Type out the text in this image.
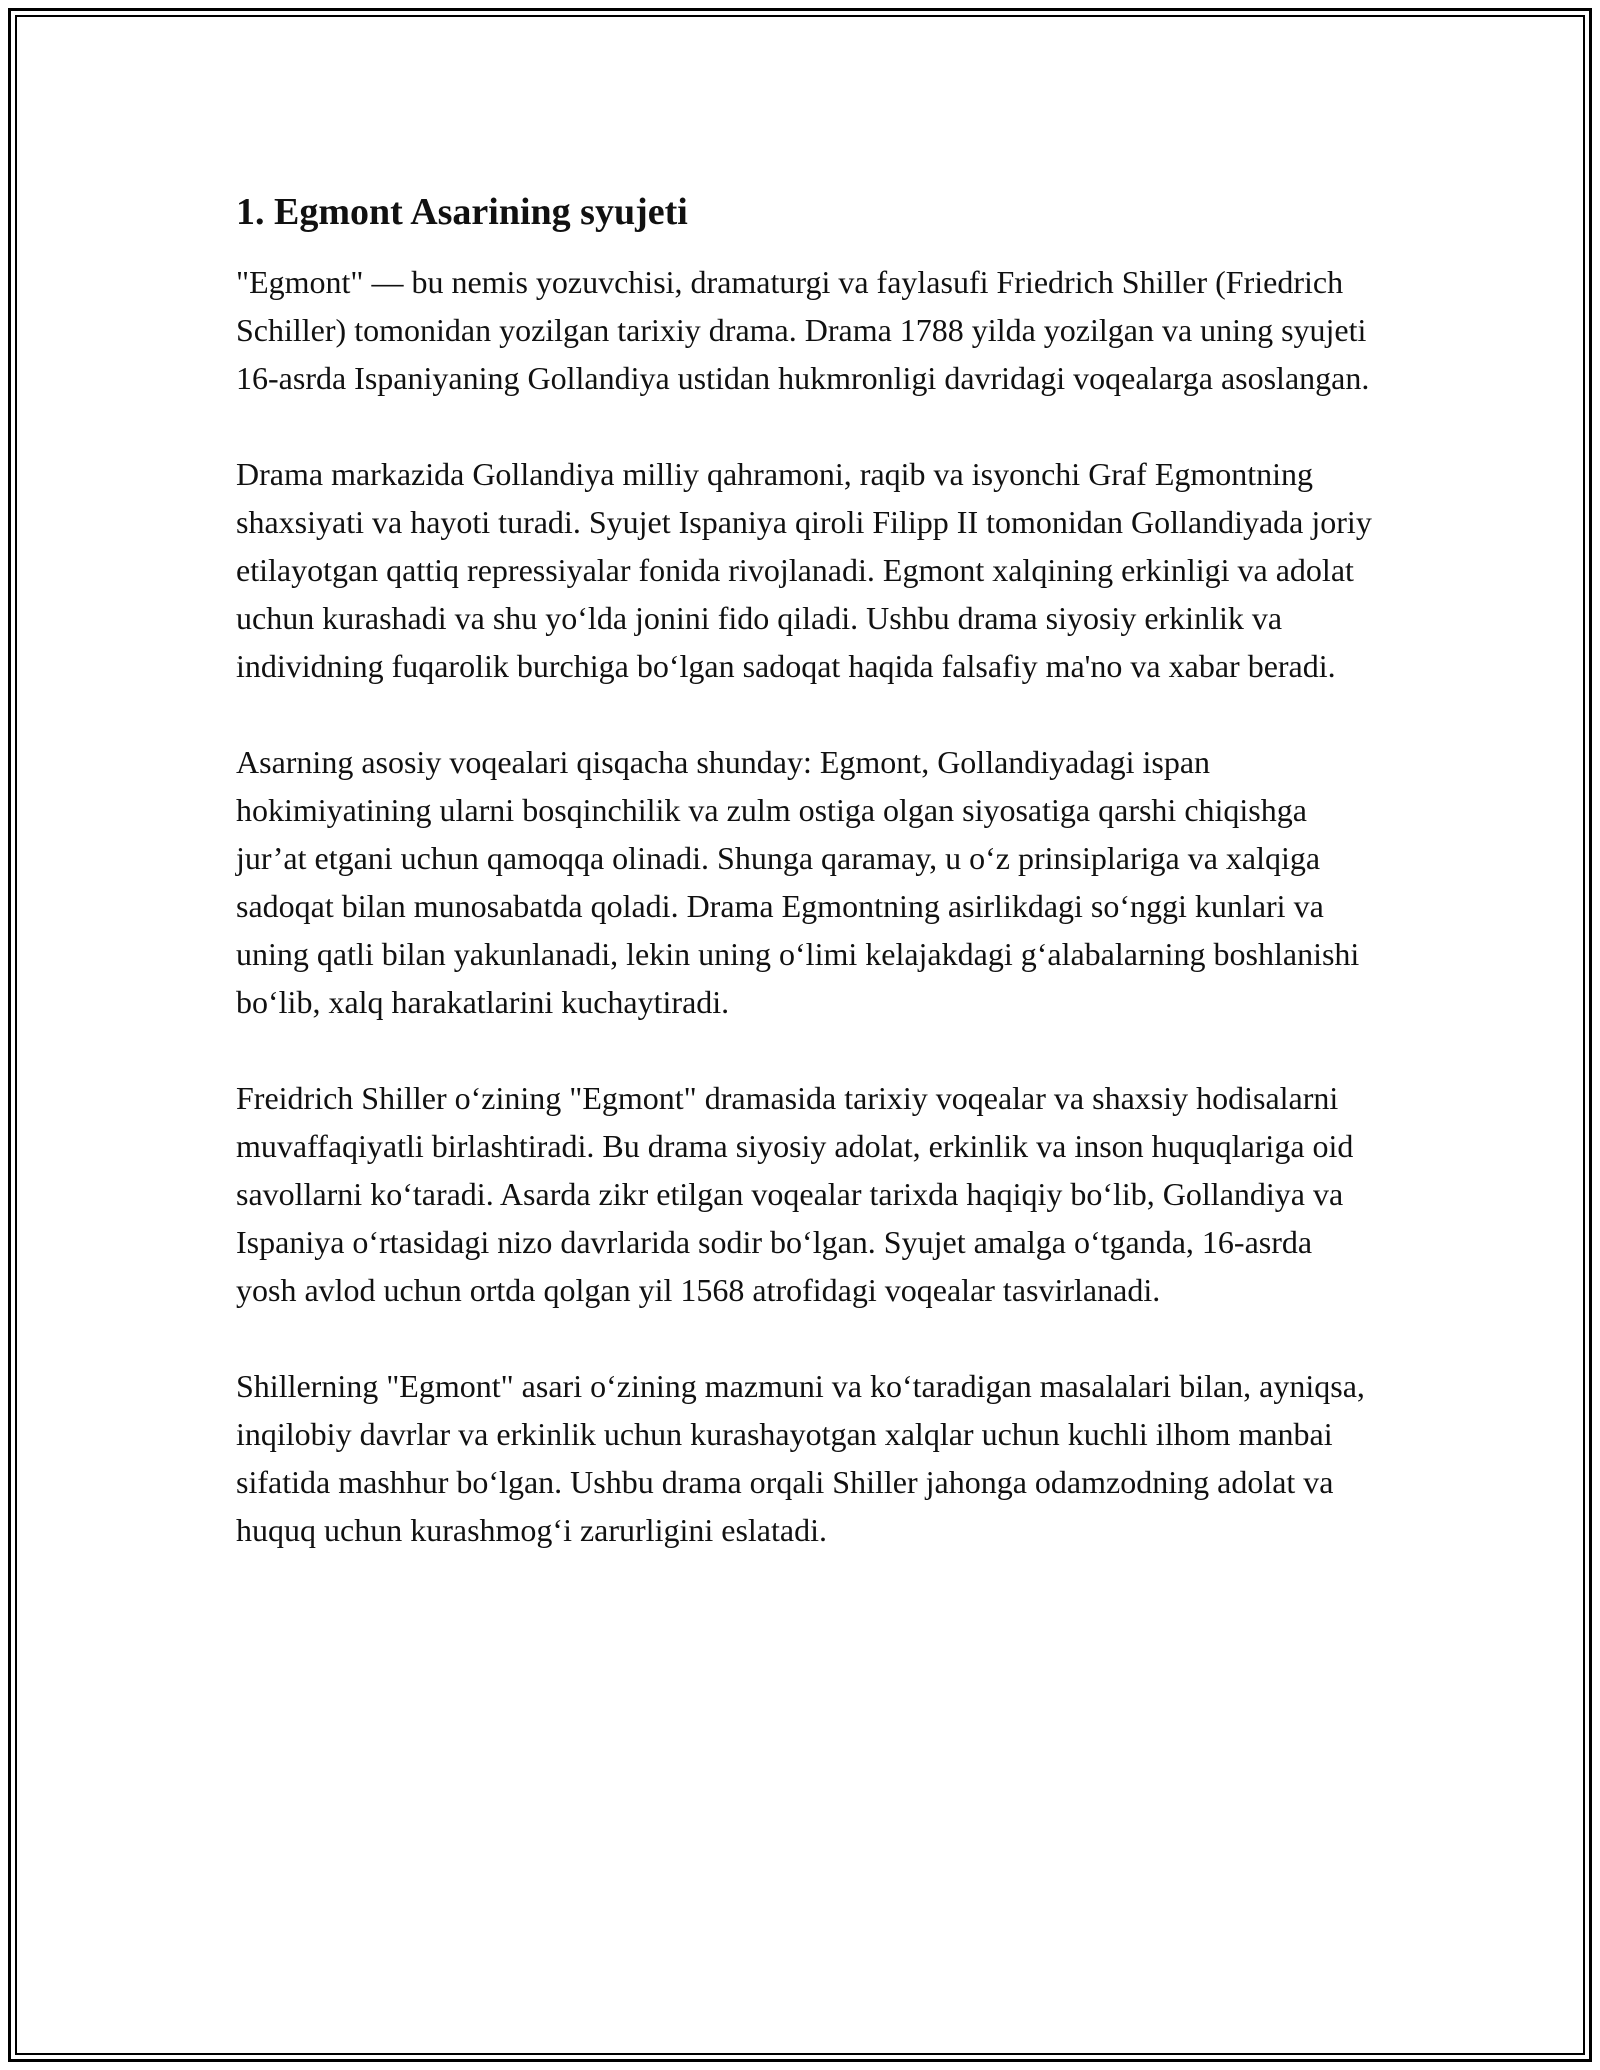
1. Egmont Asarining syujeti

"Egmont" — bu nemis yozuvchisi, dramaturgi va faylasufi Friedrich Shiller (Friedrich Schiller) tomonidan yozilgan tarixiy drama. Drama 1788 yilda yozilgan va uning syujeti 16-asrda Ispaniyaning Gollandiya ustidan hukmronligi davridagi voqealarga asoslangan.

Drama markazida Gollandiya milliy qahramoni, raqib va isyonchi Graf Egmontning shaxsiyati va hayoti turadi. Syujet Ispaniya qiroli Filipp II tomonidan Gollandiyada joriy etilayotgan qattiq repressiyalar fonida rivojlanadi. Egmont xalqining erkinligi va adolat uchun kurashadi va shu yo‘lda jonini fido qiladi. Ushbu drama siyosiy erkinlik va individning fuqarolik burchiga bo‘lgan sadoqat haqida falsafiy ma'no va xabar beradi.

Asarning asosiy voqealari qisqacha shunday: Egmont, Gollandiyadagi ispan hokimiyatining ularni bosqinchilik va zulm ostiga olgan siyosatiga qarshi chiqishga jur’at etgani uchun qamoqqa olinadi. Shunga qaramay, u o‘z prinsiplariga va xalqiga sadoqat bilan munosabatda qoladi. Drama Egmontning asirlikdagi so‘nggi kunlari va uning qatli bilan yakunlanadi, lekin uning o‘limi kelajakdagi g‘alabalarning boshlanishi bo‘lib, xalq harakatlarini kuchaytiradi.

Freidrich Shiller o‘zining "Egmont" dramasida tarixiy voqealar va shaxsiy hodisalarni muvaffaqiyatli birlashtiradi. Bu drama siyosiy adolat, erkinlik va inson huquqlariga oid savollarni ko‘taradi. Asarda zikr etilgan voqealar tarixda haqiqiy bo‘lib, Gollandiya va Ispaniya o‘rtasidagi nizo davrlarida sodir bo‘lgan. Syujet amalga o‘tganda, 16-asrda yosh avlod uchun ortda qolgan yil 1568 atrofidagi voqealar tasvirlanadi.

Shillerning "Egmont" asari o‘zining mazmuni va ko‘taradigan masalalari bilan, ayniqsa, inqilobiy davrlar va erkinlik uchun kurashayotgan xalqlar uchun kuchli ilhom manbai sifatida mashhur bo‘lgan. Ushbu drama orqali Shiller jahonga odamzodning adolat va huquq uchun kurashmog‘i zarurligini eslatadi.
